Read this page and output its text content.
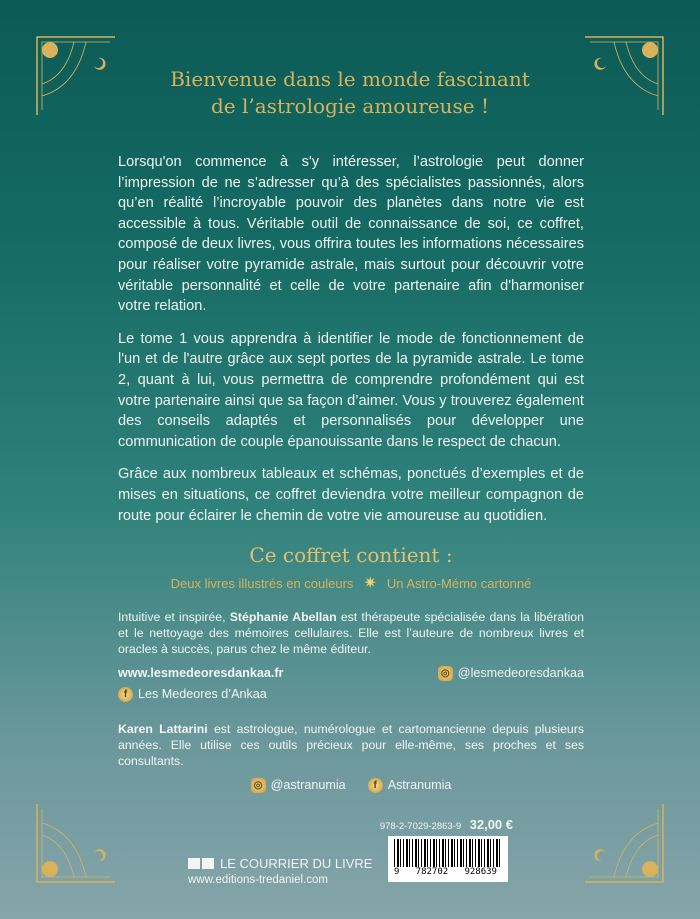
Bienvenue dans le monde fascinant
de l’astrologie amoureuse !

Lorsqu'on commence à s'y intéresser, l’astrologie peut donner l’impression de ne s’adresser qu’à des spécialistes passionnés, alors qu’en réalité l’incroyable pouvoir des planètes dans notre vie est accessible à tous. Véritable outil de connaissance de soi, ce coffret, composé de deux livres, vous offrira toutes les informations nécessaires pour réaliser votre pyramide astrale, mais surtout pour découvrir votre véritable personnalité et celle de votre partenaire afin d'harmoniser votre relation.

Le tome 1 vous apprendra à identifier le mode de fonctionnement de l'un et de l'autre grâce aux sept portes de la pyramide astrale. Le tome 2, quant à lui, vous permettra de comprendre profondément qui est votre partenaire ainsi que sa façon d’aimer. Vous y trouverez également des conseils adaptés et personnalisés pour développer une communication de couple épanouissante dans le respect de chacun.

Grâce aux nombreux tableaux et schémas, ponctués d’exemples et de mises en situations, ce coffret deviendra votre meilleur compagnon de route pour éclairer le chemin de votre vie amoureuse au quotidien.

Ce coffret contient :
Deux livres illustrés en couleurs ✷ Un Astro-Mémo cartonné

Intuitive et inspirée, Stéphanie Abellan est thérapeute spécialisée dans la libération et le nettoyage des mémoires cellulaires. Elle est l’auteure de nombreux livres et oracles à succès, parus chez le même éditeur.

www.lesmedeoresdankaa.fr	◎ @lesmedeoresdankaa
f Les Medeores d’Ankaa

Karen Lattarini est astrologue, numérologue et cartomancienne depuis plusieurs années. Elle utilise ces outils précieux pour elle-même, ses proches et ses consultants.

◎ @astranumia	f Astranumia
978-2-7029-2863-9 32,00 €
9   782702   928639
LE COURRIER DU LIVRE
www.editions-tredaniel.com
